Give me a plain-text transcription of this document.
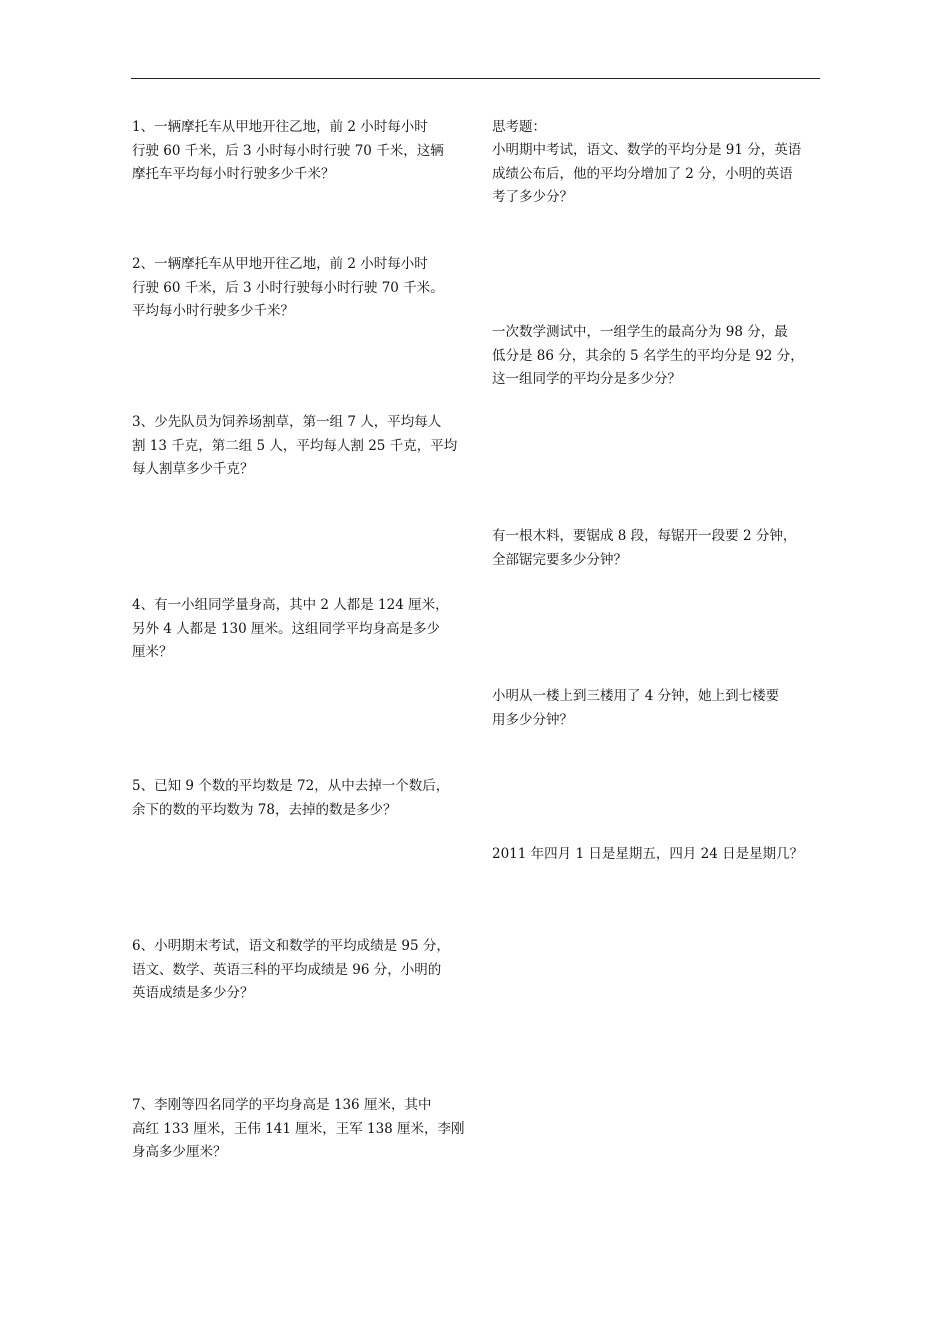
1、一辆摩托车从甲地开往乙地，前 2 小时每小时
行驶 60 千米，后 3 小时每小时行驶 70 千米，这辆
摩托车平均每小时行驶多少千米？

2、一辆摩托车从甲地开往乙地，前 2 小时每小时
行驶 60 千米，后 3 小时行驶每小时行驶 70 千米。
平均每小时行驶多少千米？

3、少先队员为饲养场割草，第一组 7 人，平均每人
割 13 千克，第二组 5 人，平均每人割 25 千克，平均
每人割草多少千克？

4、有一小组同学量身高，其中 2 人都是 124 厘米，
另外 4 人都是 130 厘米。这组同学平均身高是多少
厘米？

5、已知 9 个数的平均数是 72，从中去掉一个数后，
余下的数的平均数为 78，去掉的数是多少？

6、小明期末考试，语文和数学的平均成绩是 95 分，
语文、数学、英语三科的平均成绩是 96 分，小明的
英语成绩是多少分？

7、李刚等四名同学的平均身高是 136 厘米，其中
高红 133 厘米，王伟 141 厘米，王军 138 厘米，李刚
身高多少厘米？

思考题：

小明期中考试，语文、数学的平均分是 91 分，英语
成绩公布后，他的平均分增加了 2 分，小明的英语
考了多少分？

一次数学测试中，一组学生的最高分为 98 分，最
低分是 86 分，其余的 5 名学生的平均分是 92 分，
这一组同学的平均分是多少分？

有一根木料，要锯成 8 段，每锯开一段要 2 分钟，
全部锯完要多少分钟？

小明从一楼上到三楼用了 4 分钟，她上到七楼要
用多少分钟？

2011 年四月 1 日是星期五，四月 24 日是星期几？
